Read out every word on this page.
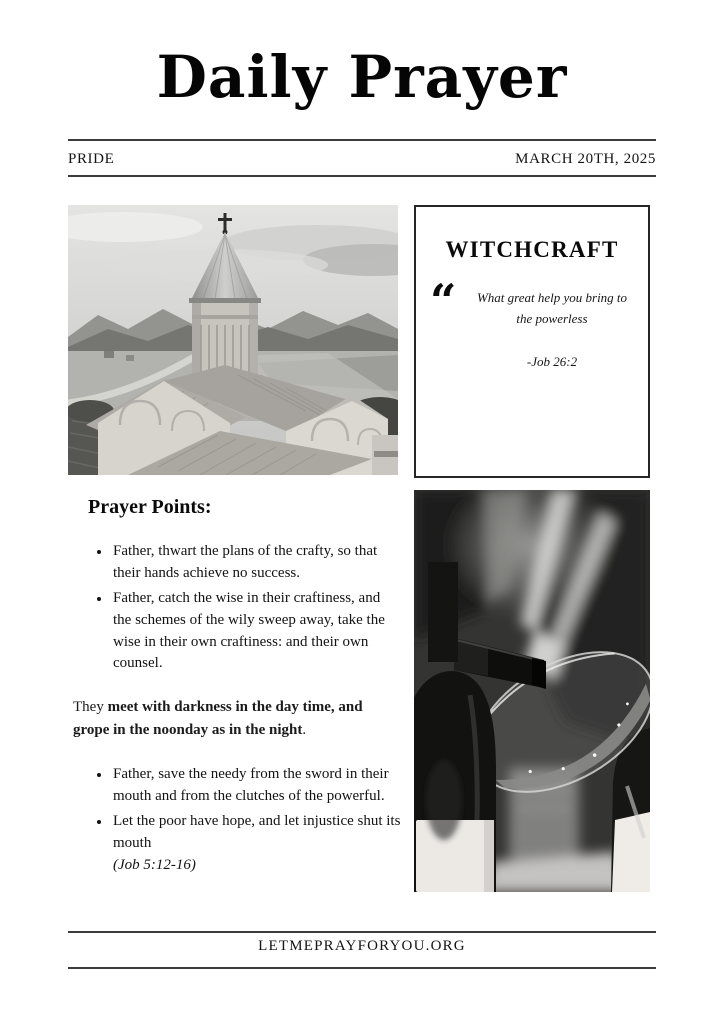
Daily Prayer
PRIDE	MARCH 20TH, 2025
WITCHCRAFT
“	What great help you bring to the powerless

-Job 26:2

Prayer Points:
Father, thwart the plans of the crafty, so that their hands achieve no success.
Father, catch the wise in their craftiness, and the schemes of the wily sweep away, take the wise in their own craftiness: and their own counsel.

They meet with darkness in the day time, and grope in the noonday as in the night.

Father, save the needy from the sword in their mouth and from the clutches of the powerful.
Let the poor have hope, and let injustice shut its mouth
(Job 5:12-16)
LETMEPRAYFORYOU.ORG
